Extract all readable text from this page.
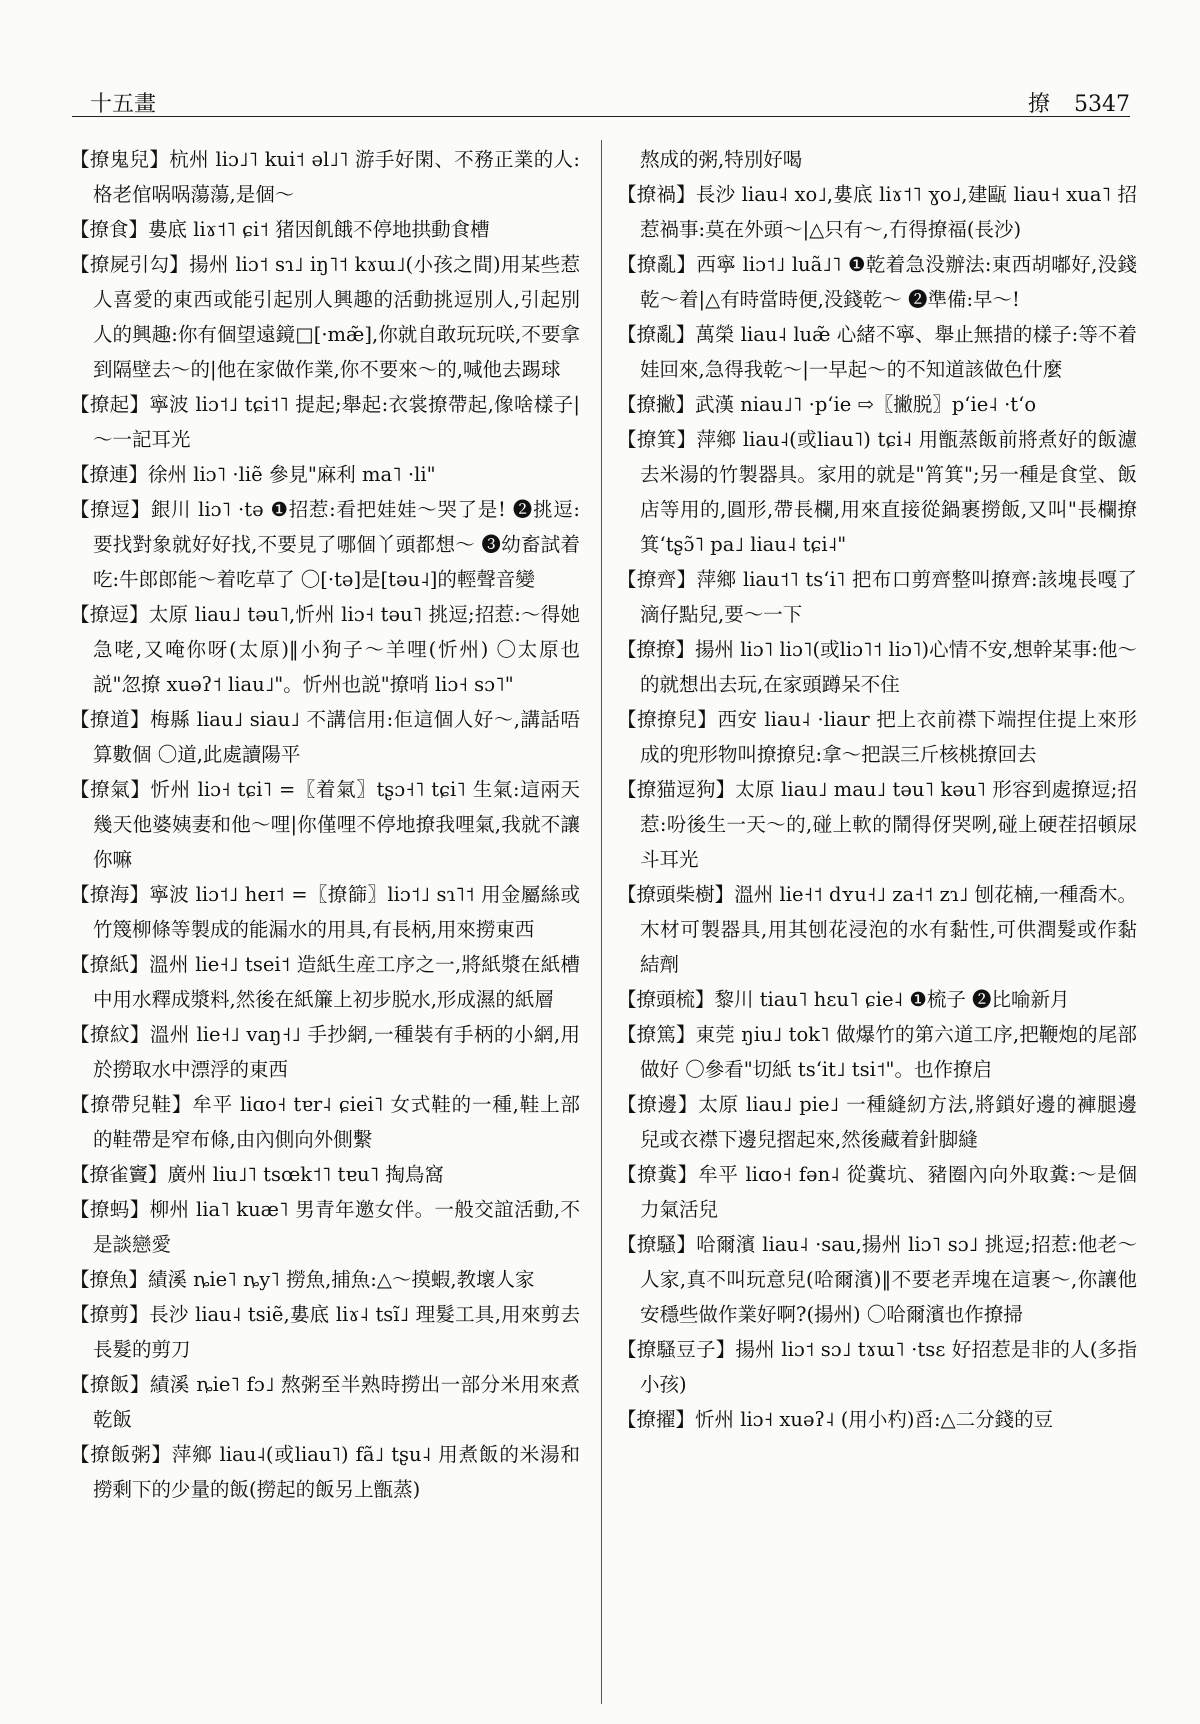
十五畫	撩 5347

【撩鬼兒】杭州 liɔ˩˥ kui˦ əl˩˥ 游手好閑、不務正業的人:格老倌㖞㖞蕩蕩,是個～

【撩食】婁底 liɤ˦˥ ɕi˦ 猪因飢餓不停地拱動食槽

【撩屍引勾】揚州 liɔ˦ sɿ˩ iŋ˥˦ kɤɯ˩(小孩之間)用某些惹人喜愛的東西或能引起別人興趣的活動挑逗別人,引起別人的興趣:你有個望遠鏡□[·mæ̃],你就自敢玩玩咲,不要拿到隔壁去～的|他在家做作業,你不要來～的,喊他去踢球

【撩起】寧波 liɔ˦˩ tɕi˦˥ 提起;舉起:衣裳撩帶起,像啥樣子|～一記耳光

【撩連】徐州 liɔ˥ ·liẽ 參見"麻利 ma˥ ·li"

【撩逗】銀川 liɔ˥ ·tə ❶招惹:看把娃娃～哭了是! ❷挑逗:要找對象就好好找,不要見了哪個丫頭都想～ ❸幼畜試着吃:牛郎郎能～着吃草了 〇[·tə]是[təu˨]的輕聲音變

【撩逗】太原 liau˩ təu˥,忻州 liɔ˧ təu˥ 挑逗;招惹:～得她急咾,又唵你呀(太原)‖小狗子～羊哩(忻州) 〇太原也説"忽撩 xuəʔ˦ liau˩"。忻州也説"撩哨 liɔ˧ sɔ˥"

【撩道】梅縣 liau˩ siau˩ 不講信用:佢這個人好～,講話唔算數個 〇道,此處讀陽平

【撩氣】忻州 liɔ˧ tɕi˥ =〖着氣〗tʂɔ˧˥ tɕi˥ 生氣:這兩天幾天他婆姨妻和他～哩|你僅哩不停地撩我哩氣,我就不讓你嘛

【撩海】寧波 liɔ˦˩ heɪ˦ =〖撩篩〗liɔ˦˩ sɿ˥˦ 用金屬絲或竹篾柳條等製成的能漏水的用具,有長柄,用來撈東西

【撩紙】溫州 lie˧˩ tsei˦ 造紙生産工序之一,將紙漿在紙槽中用水釋成漿料,然後在紙簾上初步脱水,形成濕的紙層

【撩紋】溫州 lie˧˩ vaŋ˧˩ 手抄網,一種裝有手柄的小網,用於撈取水中漂浮的東西

【撩帶兒鞋】牟平 liɑo˧ tɐr˨ ɕiei˥ 女式鞋的一種,鞋上部的鞋帶是窄布條,由內側向外側繫

【撩雀竇】廣州 liu˩˥ tsœk˦˥ tɐu˥ 掏鳥窩

【撩蚂】柳州 lia˥ kuæ˥ 男青年邀女伴。一般交誼活動,不是談戀愛

【撩魚】績溪 ȵie˥ ȵy˥ 撈魚,捕魚:△～摸蝦,教壞人家

【撩剪】長沙 liau˨ tsiẽ,婁底 liɤ˨ tsĩ˩ 理髮工具,用來剪去長髮的剪刀

【撩飯】績溪 ȵie˥ fɔ˩ 熬粥至半熟時撈出一部分米用來煮乾飯

【撩飯粥】萍鄉 liau˨(或liau˥) fã˩ tʂu˨ 用煮飯的米湯和撈剩下的少量的飯(撈起的飯另上甑蒸)

熬成的粥,特別好喝

【撩禍】長沙 liau˨ xo˩,婁底 liɤ˦˥ ɣo˩,建甌 liau˧ xua˥ 招惹禍事:莫在外頭～|△只有～,冇得撩福(長沙)

【撩亂】西寧 liɔ˦˩ luã˩˥ ❶乾着急没辦法:東西胡嘟好,没錢乾～着|△有時當時便,没錢乾～ ❷準備:早～!

【撩亂】萬榮 liau˨ luæ̃ 心緒不寧、舉止無措的樣子:等不着娃回來,急得我乾～|一早起～的不知道該做色什麼

【撩撇】武漢 niau˩˥ ·pʻie ⇨〖撇脱〗pʻie˨ ·tʻo

【撩箕】萍鄉 liau˨(或liau˥) tɕi˨ 用甑蒸飯前將煮好的飯濾去米湯的竹製器具。家用的就是"筲箕";另一種是食堂、飯店等用的,圓形,帶長欄,用來直接從鍋裹撈飯,又叫"長欄撩箕ʻtʂɔ̃˥ pa˩ liau˨ tɕi˨"

【撩齊】萍鄉 liau˦˥ tsʻi˥ 把布口剪齊整叫撩齊:該塊長嘎了滴仔點兒,要～一下

【撩撩】揚州 liɔ˥ liɔ˥(或liɔ˥˦ liɔ˥)心情不安,想幹某事:他～的就想出去玩,在家頭蹲呆不住

【撩撩兒】西安 liau˨ ·liaur 把上衣前襟下端捏住提上來形成的兜形物叫撩撩兒:拿～把誤三斤核桃撩回去

【撩猫逗狗】太原 liau˩ mau˩ təu˥ kəu˥ 形容到處撩逗;招惹:吩後生一天～的,碰上軟的鬧得伢哭咧,碰上硬茬招頓尿斗耳光

【撩頭柴樹】溫州 lie˧˦ dʏu˧˩ za˧˦ zɿ˩ 刨花楠,一種喬木。木材可製器具,用其刨花浸泡的水有黏性,可供潤髮或作黏結劑

【撩頭梳】黎川 tiau˥ hɛu˥ ɕie˨ ❶梳子 ❷比喻新月

【撩篤】東莞 ŋiu˩ tok˥ 做爆竹的第六道工序,把鞭炮的尾部做好 〇參看"切紙 tsʻit˩ tsi˦"。也作撩启

【撩邊】太原 liau˩ pie˩ 一種縫紉方法,將鎖好邊的褲腿邊兒或衣襟下邊兒摺起來,然後藏着針脚縫

【撩糞】牟平 liɑo˧ fən˨ 從糞坑、豬圈內向外取糞:～是個力氣活兒

【撩騷】哈爾濱 liau˨ ·sau,揚州 liɔ˥ sɔ˩ 挑逗;招惹:他老～人家,真不叫玩意兒(哈爾濱)‖不要老弄塊在這裹～,你讓他安穩些做作業好啊?(揚州) 〇哈爾濱也作撩掃

【撩騷豆子】揚州 liɔ˦ sɔ˩ tɤɯ˥ ·tsɛ 好招惹是非的人(多指小孩)

【撩擢】忻州 liɔ˧ xuəʔ˨ (用小杓)舀:△二分錢的豆
